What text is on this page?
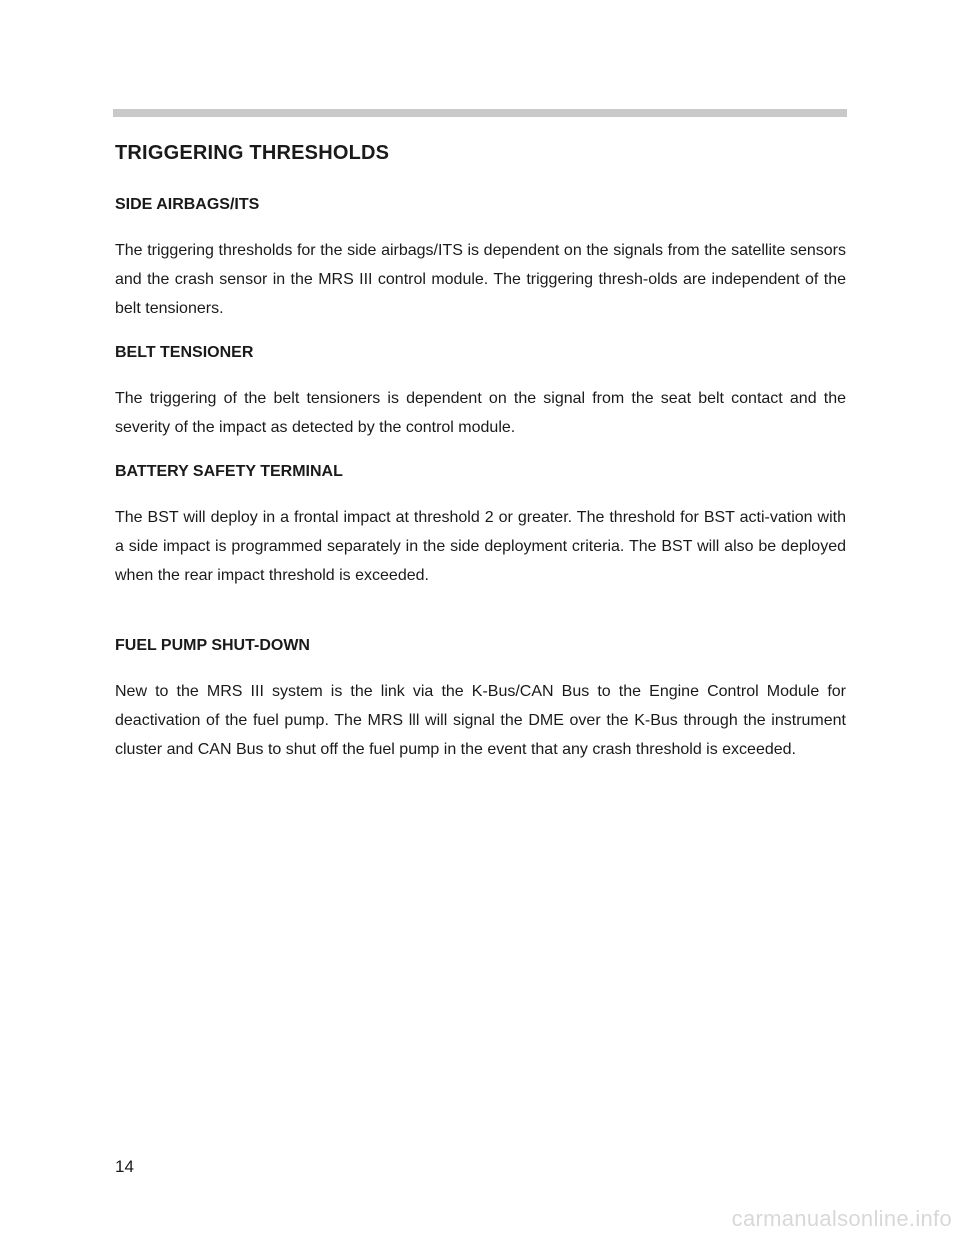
TRIGGERING THRESHOLDS
SIDE AIRBAGS/ITS

The triggering thresholds for the side airbags/ITS is dependent on the signals from the satellite sensors and the crash sensor in the MRS III control module. The triggering thresh-olds are independent of the belt tensioners.

BELT TENSIONER

The triggering of the belt tensioners is dependent on the signal from the seat belt contact and the severity of the impact as detected by the control module.

BATTERY SAFETY TERMINAL

The BST will deploy in a frontal impact at threshold 2 or greater. The threshold for BST acti-vation with a side impact is programmed separately in the side deployment criteria. The BST will also be deployed when the rear impact threshold is exceeded.

FUEL PUMP SHUT-DOWN

New to the MRS III system is the link via the K-Bus/CAN Bus to the Engine Control Module for deactivation of the fuel pump. The MRS lll will signal the DME over the K-Bus through the instrument cluster and CAN Bus to shut off the fuel pump in the event that any crash threshold is exceeded.

14
carmanualsonline.info
